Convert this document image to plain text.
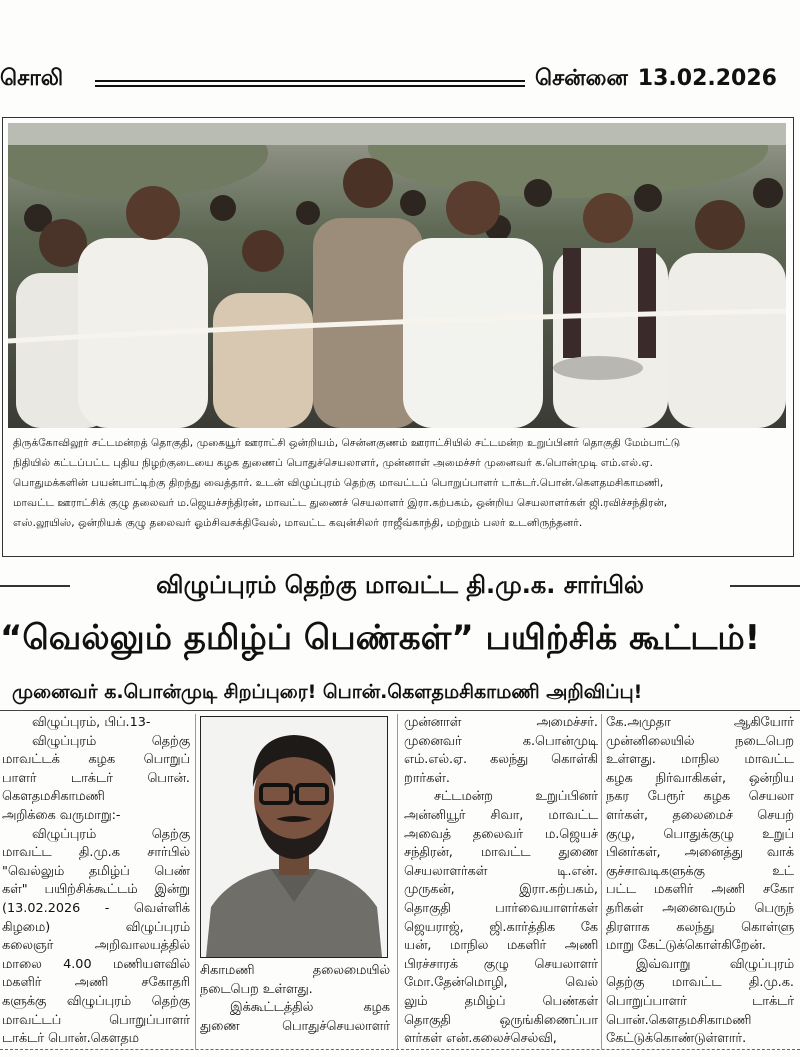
சொலி	சென்னை 13.02.2026
திருக்கோவிலூர் சட்டமன்றத் தொகுதி, முகையூர் ஊராட்சி ஒன்றியம், சென்னகுணம் ஊராட்சியில் சட்டமன்ற உறுப்பினர் தொகுதி மேம்பாட்டு
நிதியில் கட்டப்பட்ட புதிய நிழற்குடையை கழக துணைப் பொதுச்செயலாளர், முன்னாள் அமைச்சர் முனைவர் க.பொன்முடி எம்.எல்.ஏ.
பொதுமக்களின் பயன்பாட்டிற்கு திறந்து வைத்தார். உடன் விழுப்புரம் தெற்கு மாவட்டப் பொறுப்பாளர் டாக்டர்.பொன்.கௌதமசிகாமணி,
மாவட்ட ஊராட்சிக் குழு தலைவர் ம.ஜெயச்சந்திரன், மாவட்ட துணைச் செயலாளர் இரா.கற்பகம், ஒன்றிய செயலாளர்கள் ஜி.ரவிச்சந்திரன்,
எஸ்.லூயிஸ், ஒன்றியக் குழு தலைவர் ஓம்சிவசக்திவேல், மாவட்ட கவுன்சிலர் ராஜீவ்காந்தி, மற்றும் பலர் உடனிருந்தனர்.
விழுப்புரம் தெற்கு மாவட்ட தி.மு.க. சார்பில்
“வெல்லும் தமிழ்ப் பெண்கள்” பயிற்சிக் கூட்டம்!
முனைவர் க.பொன்முடி சிறப்புரை! பொன்.கௌதமசிகாமணி அறிவிப்பு!
விழுப்புரம், பிப்.13-
விழுப்புரம் தெற்கு
மாவட்டக் கழக பொறுப்
பாளர் டாக்டர் பொன்.
கௌதமசிகாமணி
அறிக்கை வருமாறு:-
விழுப்புரம் தெற்கு
மாவட்ட தி.மு.க சார்பில்
"வெல்லும் தமிழ்ப் பெண்
கள்" பயிற்சிக்கூட்டம் இன்று
(13.02.2026 - வெள்ளிக்
கிழமை) விழுப்புரம்
கலைஞர் அறிவாலயத்தில்
மாலை 4.00 மணியளவில்
மகளிர் அணி சகோதரி
களுக்கு விழுப்புரம் தெற்கு
மாவட்டப் பொறுப்பாளர்
டாக்டர் பொன்.கௌதம
சிகாமணி தலைமையில்
நடைபெற உள்ளது.
இக்கூட்டத்தில் கழக
துணை பொதுச்செயலாளர்
முன்னாள் அமைச்சர்.
முனைவர் க.பொன்முடி
எம்.எல்.ஏ. கலந்து கொள்கி
றார்கள்.
சட்டமன்ற உறுப்பினர்
அன்னியூர் சிவா, மாவட்ட
அவைத் தலைவர் ம.ஜெயச்
சந்திரன், மாவட்ட துணை
செயலாளர்கள் டி.என்.
முருகன், இரா.கற்பகம்,
தொகுதி பார்வையாளர்கள்
ஜெயராஜ், ஜி.கார்த்திக கே
யன், மாநில மகளிர் அணி
பிரச்சாரக் குழு செயலாளர்
மோ.தேன்மொழி, வெல்
லும் தமிழ்ப் பெண்கள்
தொகுதி ஒருங்கிணைப்பா
ளர்கள் என்.கலைச்செல்வி,
கே.அமுதா ஆகியோர்
முன்னிலையில் நடைபெற
உள்ளது. மாநில மாவட்ட
கழக நிர்வாகிகள், ஒன்றிய
நகர பேரூர் கழக செயலா
ளர்கள், தலைமைச் செயற்
குழு, பொதுக்குழு உறுப்
பினர்கள், அனைத்து வாக்
குச்சாவடிகளுக்கு உட்
பட்ட மகளிர் அணி சகோ
தரிகள் அனைவரும் பெருந்
திரளாக கலந்து கொள்ளு
மாறு கேட்டுக்கொள்கிறேன்.
இவ்வாறு விழுப்புரம்
தெற்கு மாவட்ட தி.மு.க.
பொறுப்பாளர் டாக்டர்
பொன்.கௌதமசிகாமணி
கேட்டுக்கொண்டுள்ளார்.
